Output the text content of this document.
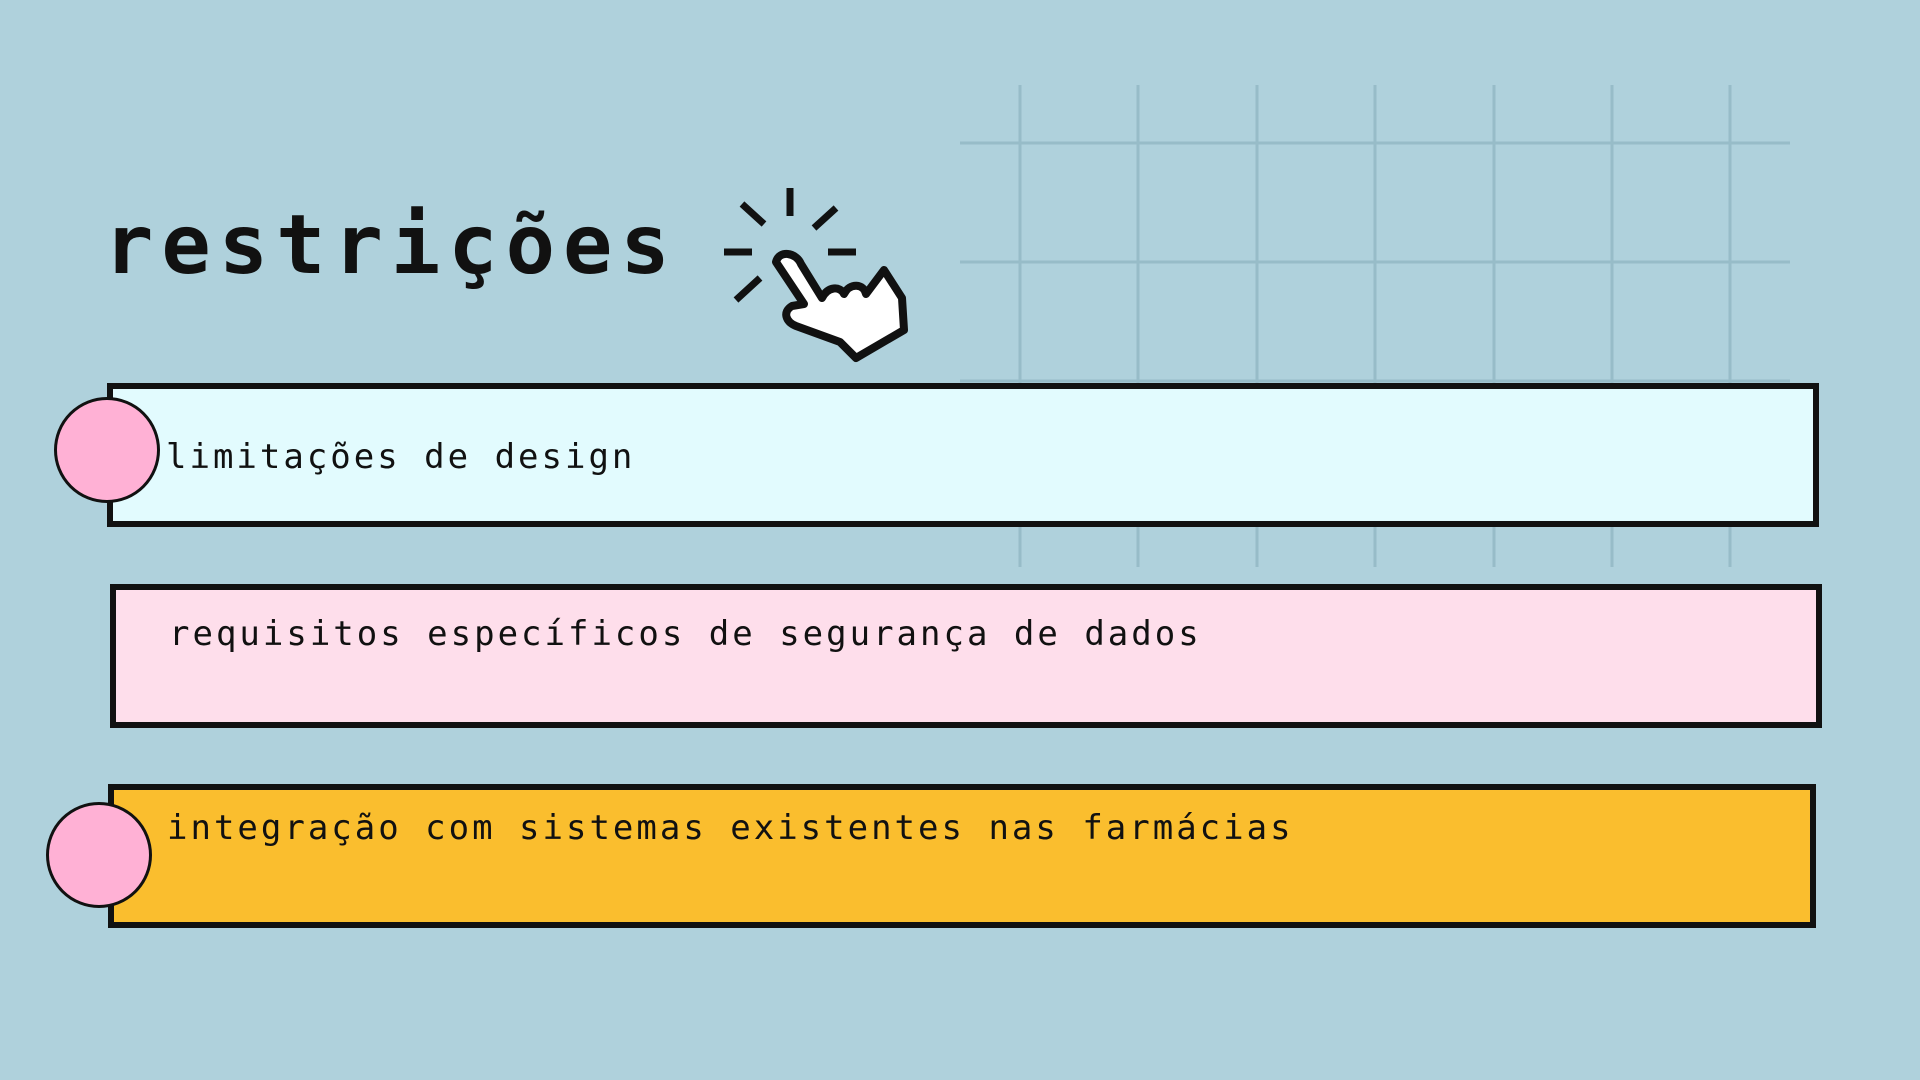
restrições
limitações de design
requisitos específicos de segurança de dados
integração com sistemas existentes nas farmácias
